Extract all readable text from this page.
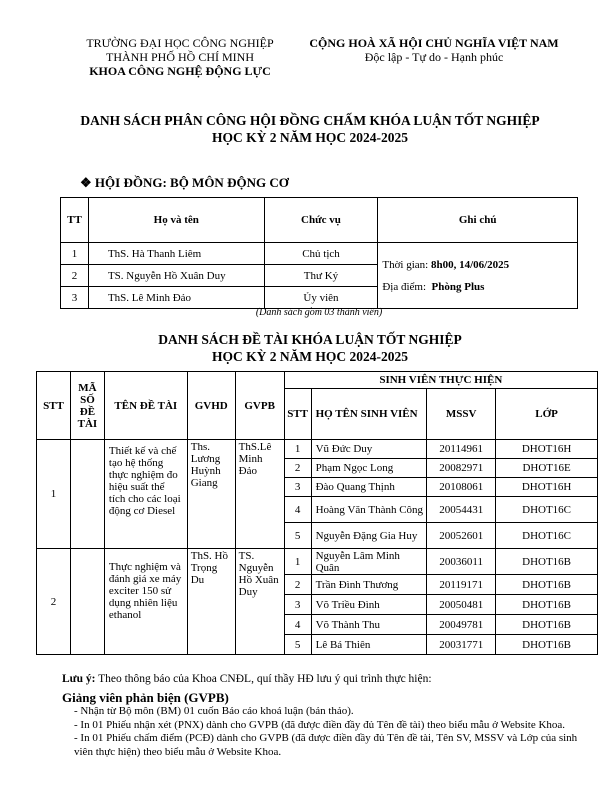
TRƯỜNG ĐẠI HỌC CÔNG NGHIỆP
THÀNH PHỐ HỒ CHÍ MINH
KHOA CÔNG NGHỆ ĐỘNG LỰC
CỘNG HOÀ XÃ HỘI CHỦ NGHĨA VIỆT NAM
Độc lập - Tự do - Hạnh phúc
DANH SÁCH PHÂN CÔNG HỘI ĐỒNG CHẤM KHÓA LUẬN TỐT NGHIỆP
HỌC KỲ 2 NĂM HỌC 2024-2025
❖ HỘI ĐỒNG: BỘ MÔN ĐỘNG CƠ
TT	Họ và tên	Chức vụ	Ghi chú
1	ThS. Hà Thanh Liêm	Chủ tịch	Thời gian: 8h00, 14/06/2025
Địa điểm: Phòng Plus

2	TS. Nguyễn Hồ Xuân Duy	Thư Ký	
3	ThS. Lê Minh Đảo	Ủy viên	
(Danh sách gồm 03 thành viên)
DANH SÁCH ĐỀ TÀI KHÓA LUẬN TỐT NGHIỆP
HỌC KỲ 2 NĂM HỌC 2024-2025
STT	MÃ SỐ ĐỀ TÀI	TÊN ĐỀ TÀI	GVHD	GVPB	SINH VIÊN THỰC HIỆN			
					STT	HỌ TÊN SINH VIÊN	MSSV	LỚP
1		Thiết kế và chế tạo hệ thống thực nghiệm đo hiệu suất thể tích cho các loại động cơ Diesel	Ths. Lương Huỳnh Giang	ThS.Lê Minh Đảo	1	Vũ Đức Duy	20114961	DHOT16H
					2	Phạm Ngọc Long	20082971	DHOT16E
					3	Đào Quang Thịnh	20108061	DHOT16H
					4	Hoàng Văn Thành Công	20054431	DHOT16C
					5	Nguyễn Đặng Gia Huy	20052601	DHOT16C
2		Thực nghiệm và đánh giá xe máy exciter 150 sử dụng nhiên liệu ethanol	ThS. Hồ Trọng Du	TS. Nguyễn Hồ Xuân Duy	1	Nguyễn Lâm Minh Quân	20036011	DHOT16B
					2	Trần Đình Thương	20119171	DHOT16B
					3	Võ Triều Đình	20050481	DHOT16B
					4	Võ Thành Thu	20049781	DHOT16B
					5	Lê Bá Thiên	20031771	DHOT16B
Lưu ý: Theo thông báo của Khoa CNĐL, quí thầy HĐ lưu ý qui trình thực hiện:
Giảng viên phản biện (GVPB)
- Nhận từ Bộ môn (BM) 01 cuốn Báo cáo khoá luận (bản thảo).
- In 01 Phiếu nhận xét (PNX) dành cho GVPB (đã được điền đầy đủ Tên đề tài) theo biểu mẫu ở Website Khoa.
- In 01 Phiếu chấm điểm (PCĐ) dành cho GVPB (đã được điền đầy đủ Tên đề tài, Tên SV, MSSV và Lớp của sinh viên thực hiện) theo biểu mẫu ở Website Khoa.
